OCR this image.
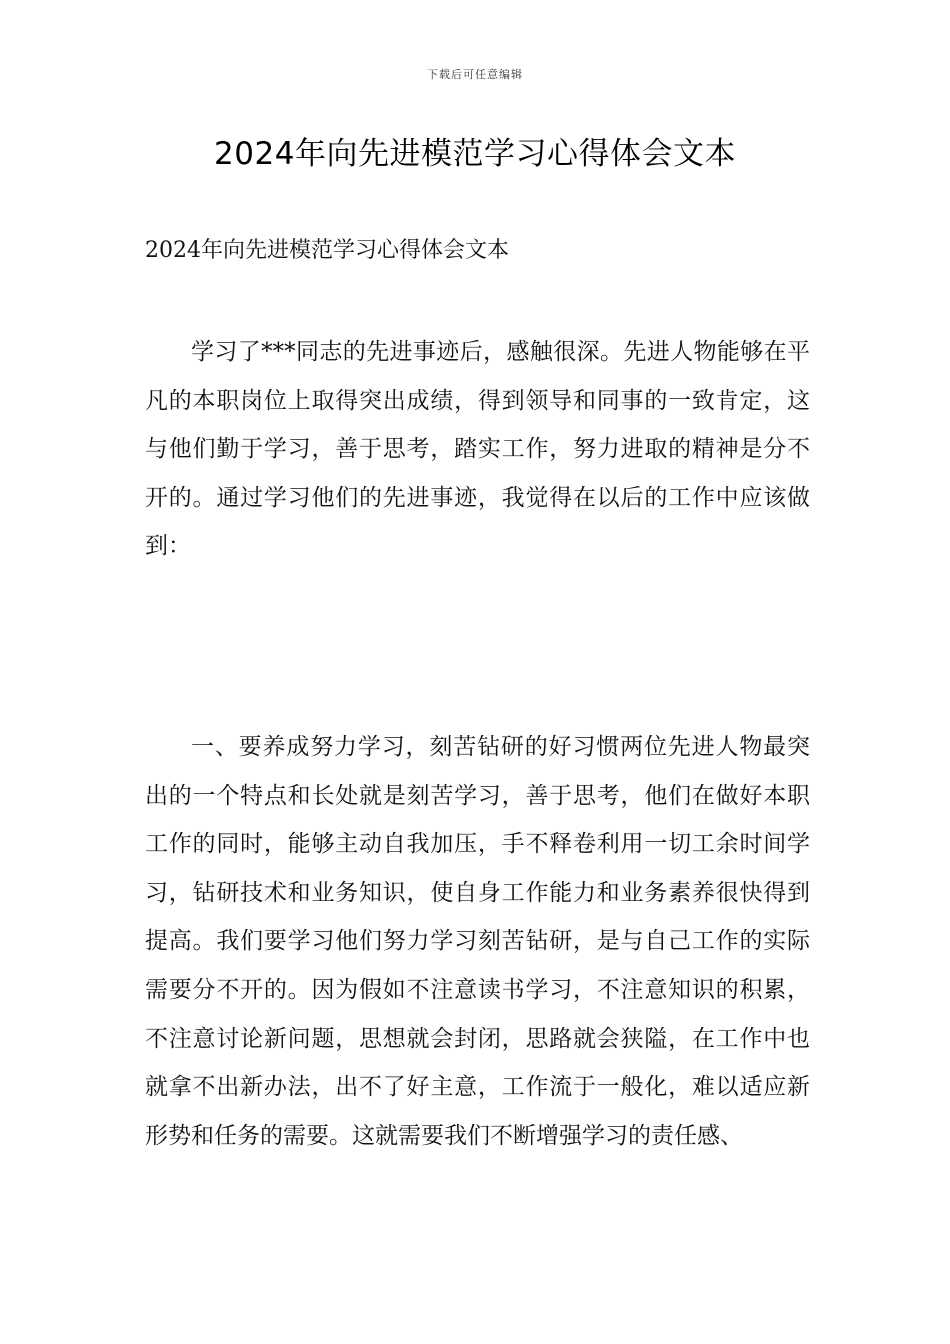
下载后可任意编辑
2024年向先进模范学习心得体会文本
2024年向先进模范学习心得体会文本

学习了***同志的先进事迹后，感触很深。先进人物能够在平凡的本职岗位上取得突出成绩，得到领导和同事的一致肯定，这与他们勤于学习，善于思考，踏实工作，努力进取的精神是分不开的。通过学习他们的先进事迹，我觉得在以后的工作中应该做到：

一、要养成努力学习，刻苦钻研的好习惯两位先进人物最突出的一个特点和长处就是刻苦学习，善于思考，他们在做好本职工作的同时，能够主动自我加压，手不释卷利用一切工余时间学习，钻研技术和业务知识，使自身工作能力和业务素养很快得到提高。我们要学习他们努力学习刻苦钻研，是与自己工作的实际需要分不开的。因为假如不注意读书学习，不注意知识的积累，不注意讨论新问题，思想就会封闭，思路就会狭隘，在工作中也就拿不出新办法，出不了好主意，工作流于一般化，难以适应新形势和任务的需要。这就需要我们不断增强学习的责任感、
